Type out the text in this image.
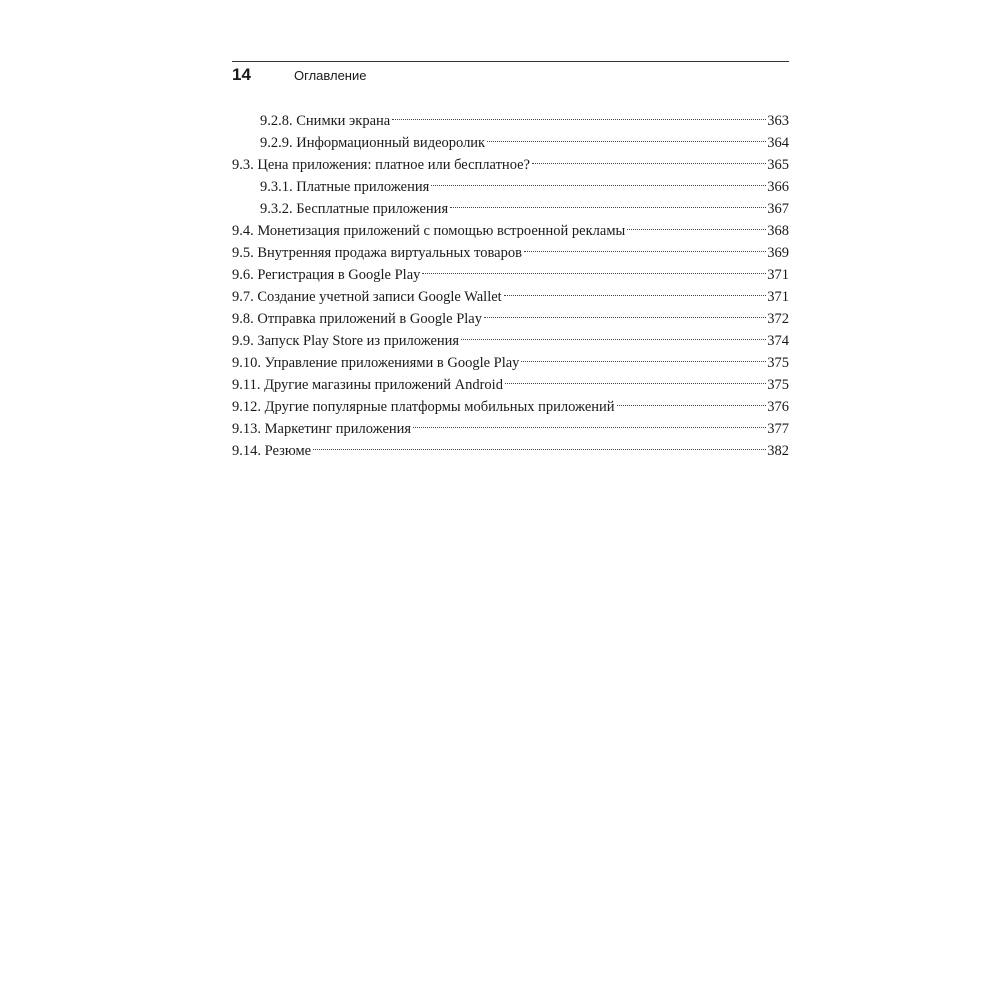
14	Оглавление
9.2.8. Снимки экрана	363
9.2.9. Информационный видеоролик	364
9.3. Цена приложения: платное или бесплатное?	365
9.3.1. Платные приложения	366
9.3.2. Бесплатные приложения	367
9.4. Монетизация приложений с помощью встроенной рекламы	368
9.5. Внутренняя продажа виртуальных товаров	369
9.6. Регистрация в Google Play	371
9.7. Создание учетной записи Google Wallet	371
9.8. Отправка приложений в Google Play	372
9.9. Запуск Play Store из приложения	374
9.10. Управление приложениями в Google Play	375
9.11. Другие магазины приложений Android	375
9.12. Другие популярные платформы мобильных приложений	376
9.13. Маркетинг приложения	377
9.14. Резюме	382
